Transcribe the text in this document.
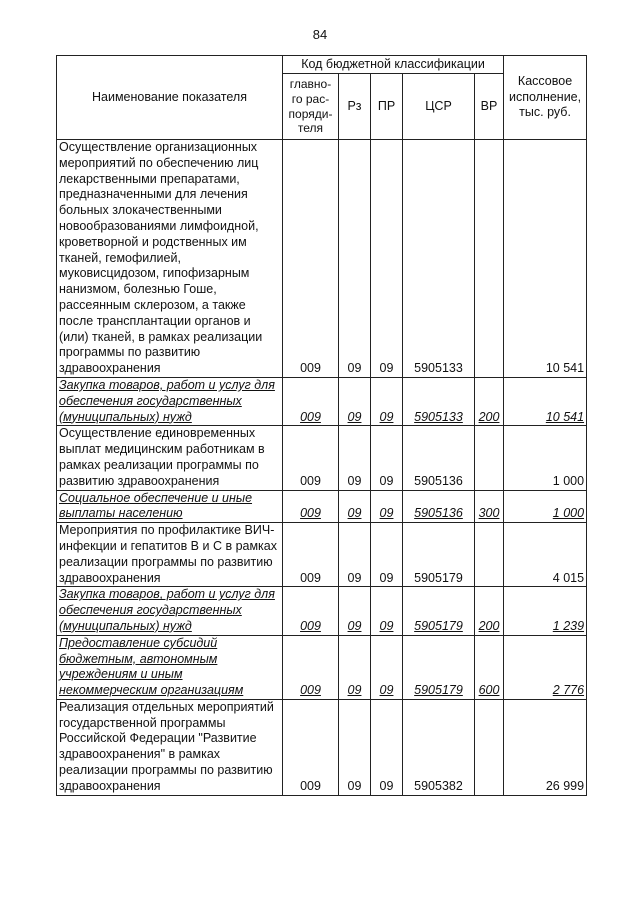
84
Наименование показателя	Код бюджетной классификации					Кассовое исполнение, тыс. руб.
	главно-
го рас-
поряди-
теля	Рз	ПР	ЦСР	ВР	
Осуществление организационных мероприятий по обеспечению лиц лекарственными препаратами, предназначенными для лечения больных злокачественными новообразованиями лимфоидной, кроветворной и родственных им тканей, гемофилией, муковисцидозом, гипофизарным нанизмом, болезнью Гоше, рассеянным склерозом, а также после трансплантации органов и (или) тканей, в рамках реализации программы по развитию здравоохранения	009	09	09	5905133		10 541
Закупка товаров, работ и услуг для обеспечения государственных (муниципальных) нужд	009	09	09	5905133	200	10 541
Осуществление единовременных выплат медицинским работникам в рамках реализации программы по развитию здравоохранения	009	09	09	5905136		1 000
Социальное обеспечение и иные выплаты населению	009	09	09	5905136	300	1 000
Мероприятия по профилактике ВИЧ-инфекции и гепатитов В и С в рамках реализации программы по развитию здравоохранения	009	09	09	5905179		4 015
Закупка товаров, работ и услуг для обеспечения государственных (муниципальных) нужд	009	09	09	5905179	200	1 239
Предоставление субсидий бюджетным, автономным учреждениям и иным некоммерческим организациям	009	09	09	5905179	600	2 776
Реализация отдельных мероприятий государственной программы Российской Федерации "Развитие здравоохранения" в рамках реализации программы по развитию здравоохранения	009	09	09	5905382		26 999
